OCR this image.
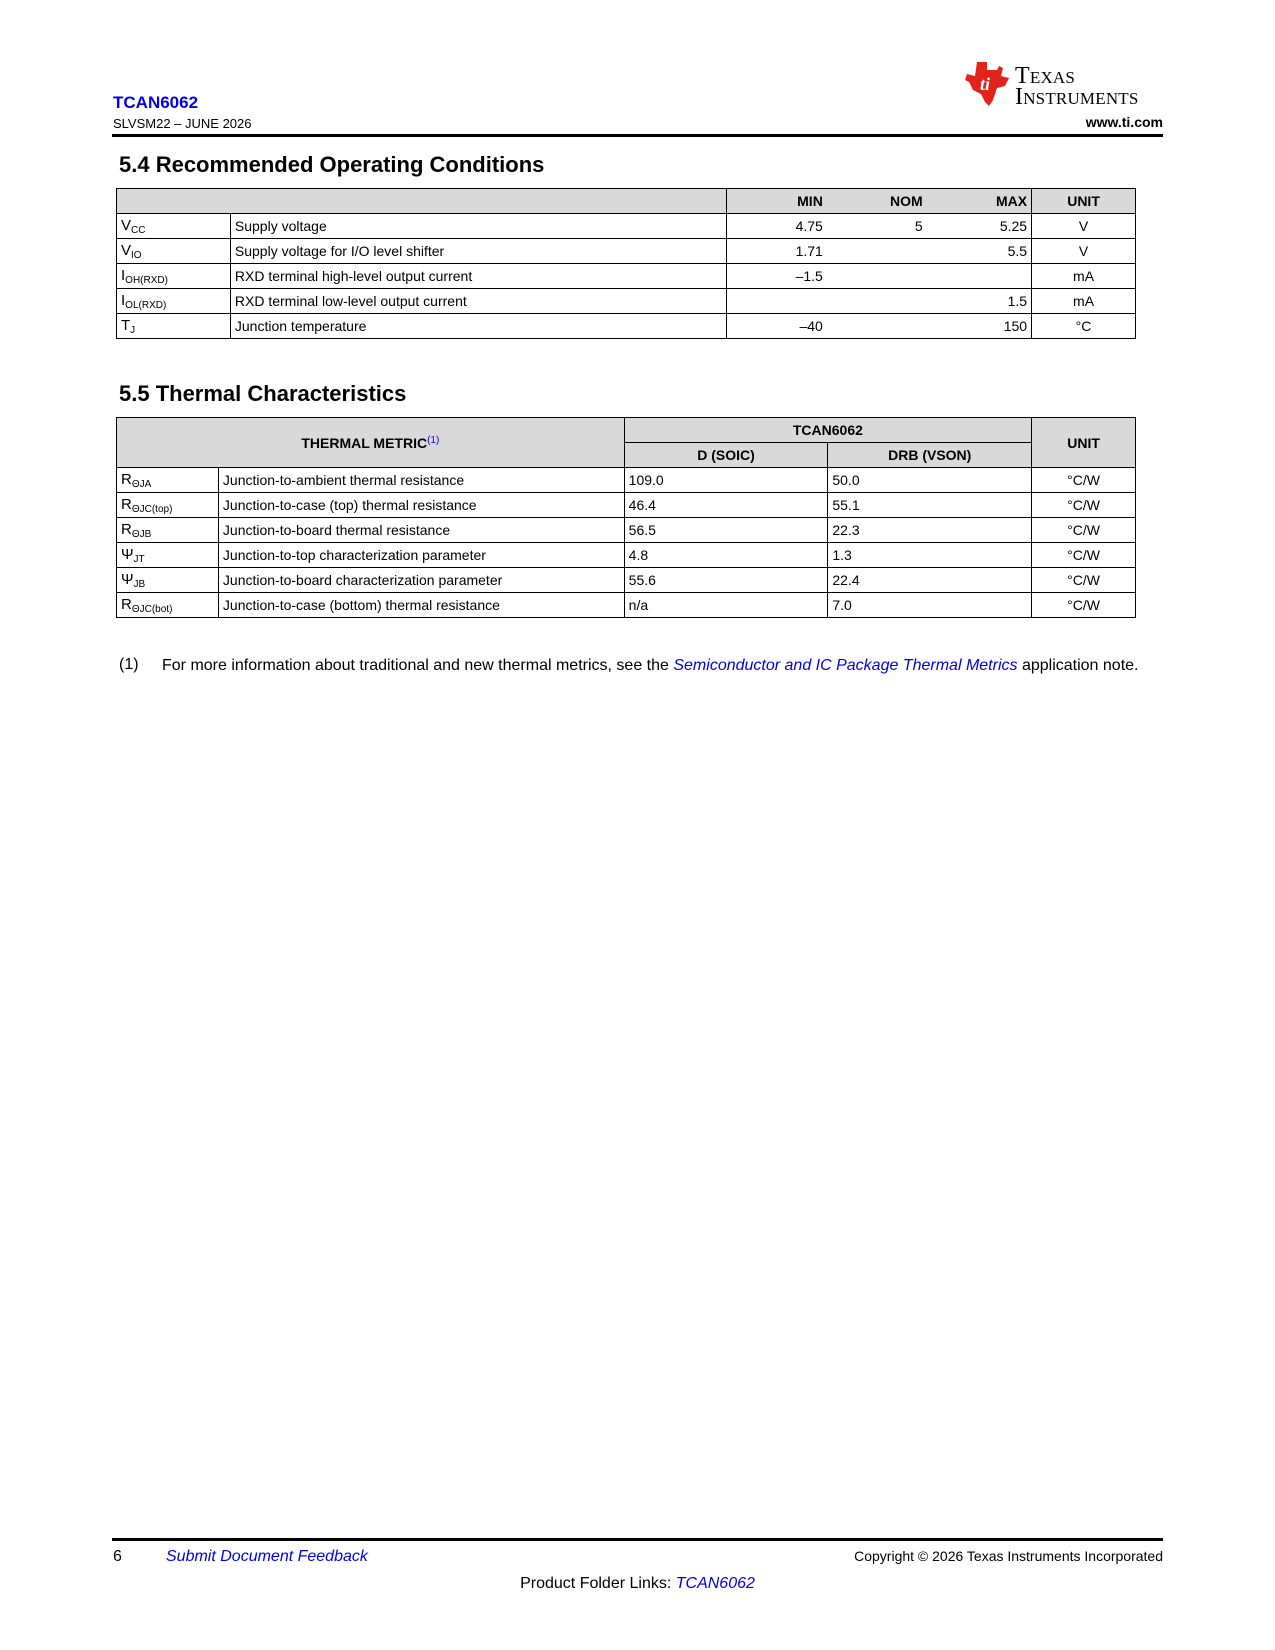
TCAN6062
SLVSM22 – JUNE 2026	www.ti.com
ti Texas
Instruments
5.4 Recommended Operating Conditions
		MIN	NOM	MAX	UNIT
$V_{CC}$	Supply voltage	4.75	5	5.25	V
$V_{IO}$	Supply voltage for I/O level shifter	1.71		5.5	V
$I_{OH(RXD)}$	RXD terminal high-level output current	–1.5			mA
$I_{OL(RXD)}$	RXD terminal low-level output current			1.5	mA
$T_J$	Junction temperature	–40		150	°C
5.5 Thermal Characteristics
THERMAL METRIC$^{(1)}$		TCAN6062		UNIT
		D (SOIC)	DRB (VSON)	
$R_{\Theta JA}$	Junction-to-ambient thermal resistance	109.0	50.0	°C/W
$R_{\Theta JC(top)}$	Junction-to-case (top) thermal resistance	46.4	55.1	°C/W
$R_{\Theta JB}$	Junction-to-board thermal resistance	56.5	22.3	°C/W
$\Psi_{JT}$	Junction-to-top characterization parameter	4.8	1.3	°C/W
$\Psi_{JB}$	Junction-to-board characterization parameter	55.6	22.4	°C/W
$R_{\Theta JC(bot)}$	Junction-to-case (bottom) thermal resistance	n/a	7.0	°C/W
(1) For more information about traditional and new thermal metrics, see the Semiconductor and IC Package Thermal Metrics application note.
6	Submit Document Feedback	Copyright © 2026 Texas Instruments Incorporated
Product Folder Links: TCAN6062
